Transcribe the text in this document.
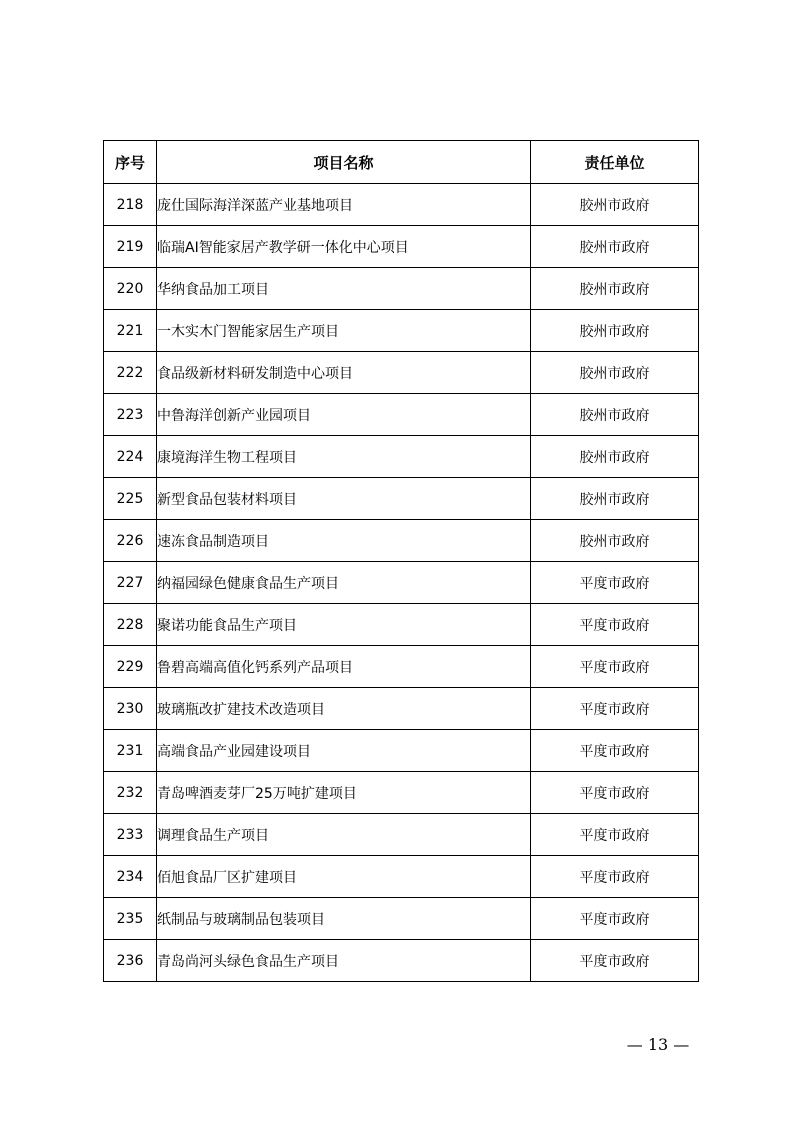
序号	项目名称	责任单位
218	庞仕国际海洋深蓝产业基地项目	胶州市政府
219	临瑞AI智能家居产教学研一体化中心项目	胶州市政府
220	华纳食品加工项目	胶州市政府
221	一木实木门智能家居生产项目	胶州市政府
222	食品级新材料研发制造中心项目	胶州市政府
223	中鲁海洋创新产业园项目	胶州市政府
224	康境海洋生物工程项目	胶州市政府
225	新型食品包装材料项目	胶州市政府
226	速冻食品制造项目	胶州市政府
227	纳福园绿色健康食品生产项目	平度市政府
228	聚诺功能食品生产项目	平度市政府
229	鲁碧高端高值化钙系列产品项目	平度市政府
230	玻璃瓶改扩建技术改造项目	平度市政府
231	高端食品产业园建设项目	平度市政府
232	青岛啤酒麦芽厂25万吨扩建项目	平度市政府
233	调理食品生产项目	平度市政府
234	佰旭食品厂区扩建项目	平度市政府
235	纸制品与玻璃制品包装项目	平度市政府
236	青岛尚河头绿色食品生产项目	平度市政府
— 13 —
